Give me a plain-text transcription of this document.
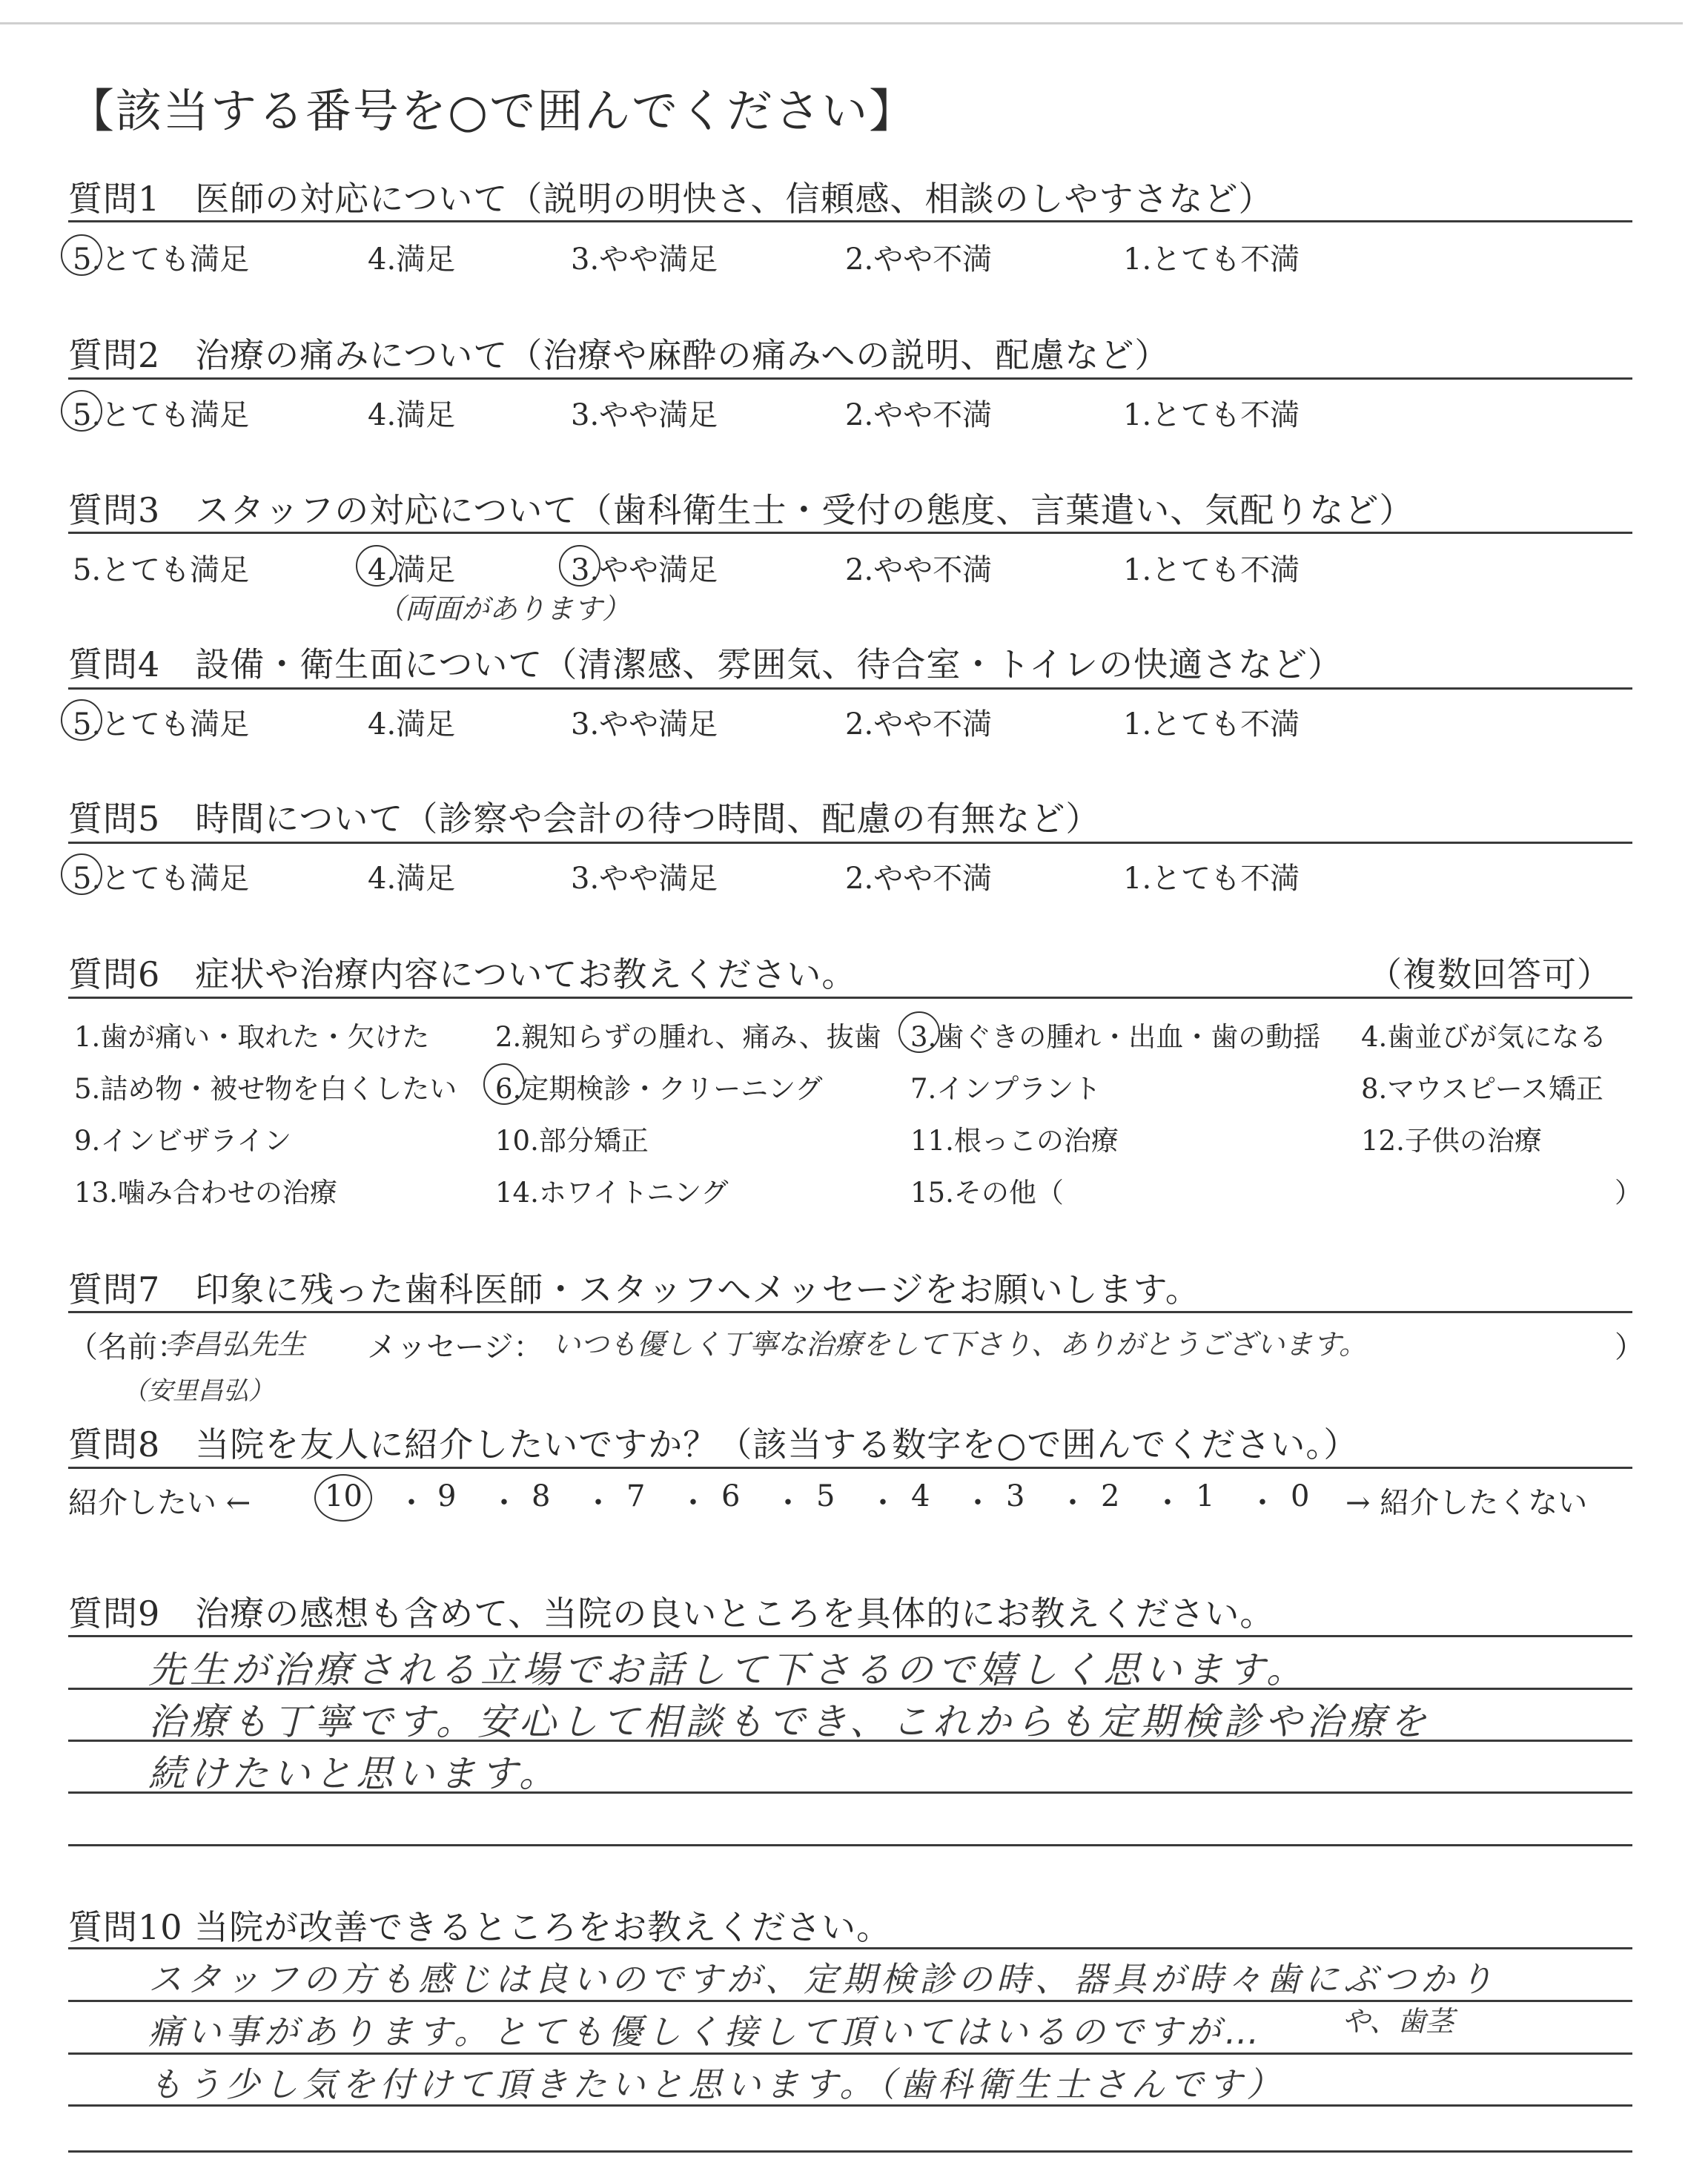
【該当する番号を○で囲んでください】
質問1　医師の対応について（説明の明快さ、信頼感、相談のしやすさなど）
5.とても満足	4.満足	3.やや満足	2.やや不満	1.とても不満
質問2　治療の痛みについて（治療や麻酔の痛みへの説明、配慮など）
5.とても満足	4.満足	3.やや満足	2.やや不満	1.とても不満
質問3　スタッフの対応について（歯科衛生士・受付の態度、言葉遣い、気配りなど）
5.とても満足	4.満足	3.やや満足	2.やや不満	1.とても不満
（両面があります）
質問4　設備・衛生面について（清潔感、雰囲気、待合室・トイレの快適さなど）
5.とても満足	4.満足	3.やや満足	2.やや不満	1.とても不満
質問5　時間について（診察や会計の待つ時間、配慮の有無など）
5.とても満足	4.満足	3.やや満足	2.やや不満	1.とても不満
質問6　症状や治療内容についてお教えください。	（複数回答可）
1.歯が痛い・取れた・欠けた 2.親知らずの腫れ、痛み、抜歯 3.歯ぐきの腫れ・出血・歯の動揺 4.歯並びが気になる
5.詰め物・被せ物を白くしたい 6.定期検診・クリーニング	7.インプラント	8.マウスピース矯正
9.インビザライン	10.部分矯正	11.根っこの治療	12.子供の治療
13.噛み合わせの治療	14.ホワイトニング	15.その他（	）
質問7　印象に残った歯科医師・スタッフへメッセージをお願いします。
（名前：
李昌弘先生 メッセージ： いつも優しく丁寧な治療をして下さり、ありがとうございます。	）
（安里昌弘）
質問8　当院を友人に紹介したいですか？（該当する数字を○で囲んでください。）
紹介したい ← 10 ・ 9 ・ 8 ・ 7 ・ 6 ・ 5 ・ 4 ・ 3 ・ 2 ・ 1 ・ 0 → 紹介したくない
質問9　治療の感想も含めて、当院の良いところを具体的にお教えください。
先生が治療される立場でお話して下さるので嬉しく思います。
治療も丁寧です。安心して相談もでき、これからも定期検診や治療を
続けたいと思います。
質問10 当院が改善できるところをお教えください。
スタッフの方も感じは良いのですが、定期検診の時、器具が時々歯にぶつかり
痛い事があります。とても優しく接して頂いてはいるのですが…	や、歯茎
もう少し気を付けて頂きたいと思います。（歯科衛生士さんです）
